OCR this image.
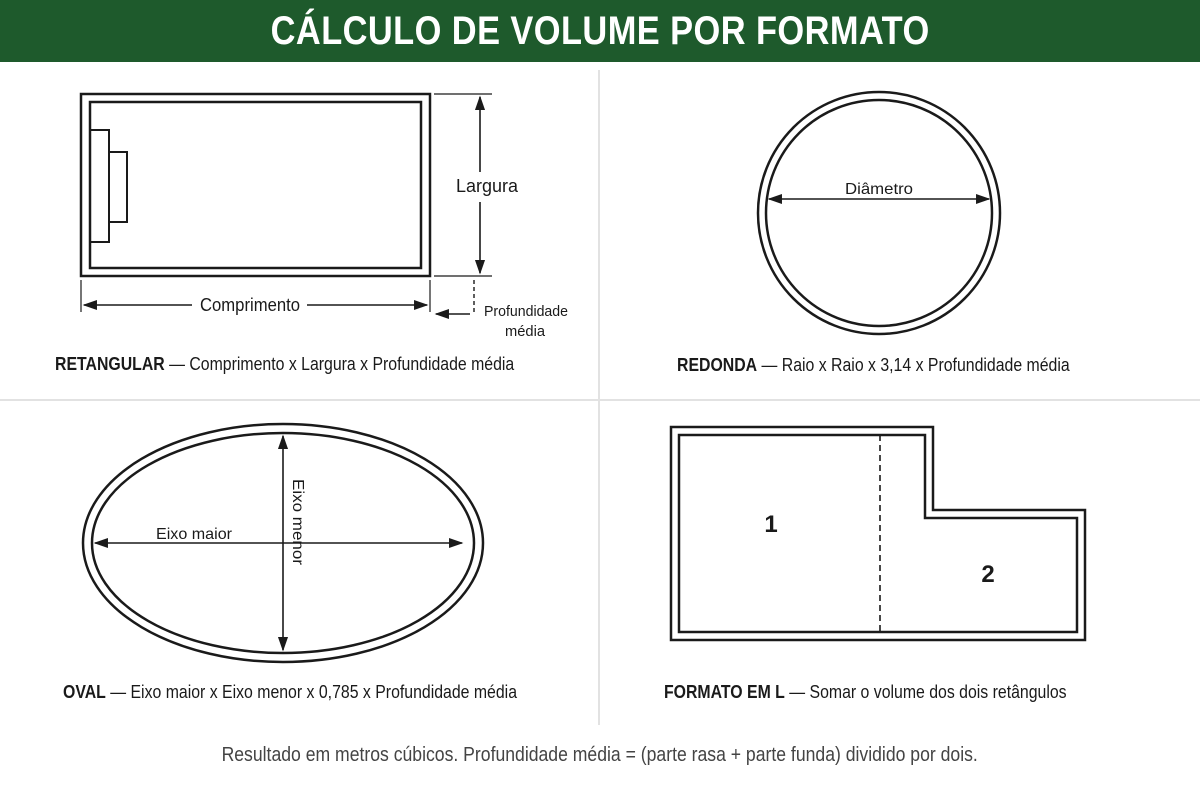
CÁLCULO DE VOLUME POR FORMATO
Largura
Comprimento	Profundidade
média
Diâmetro
Eixo maior	Eixo menor	1
2
RETANGULAR — Comprimento x Largura x Profundidade média	REDONDA — Raio x Raio x 3,14 x Profundidade média
OVAL — Eixo maior x Eixo menor x 0,785 x Profundidade média	FORMATO EM L — Somar o volume dos dois retângulos
Resultado em metros cúbicos. Profundidade média = (parte rasa + parte funda) dividido por dois.
